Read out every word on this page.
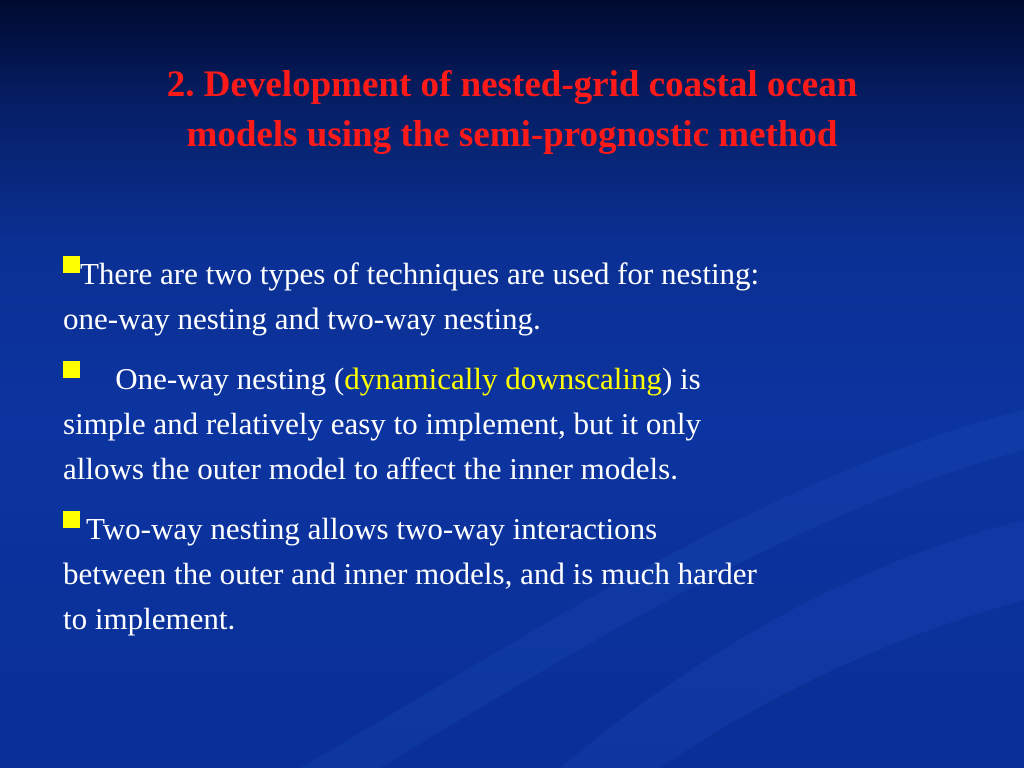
2. Development of nested-grid coastal ocean
models using the semi-prognostic method
There are two types of techniques are used for nesting:
one-way nesting and two-way nesting.
One-way nesting (dynamically downscaling) is
simple and relatively easy to implement, but it only
allows the outer model to affect the inner models.
Two-way nesting allows two-way interactions
between the outer and inner models, and is much harder
to implement.
